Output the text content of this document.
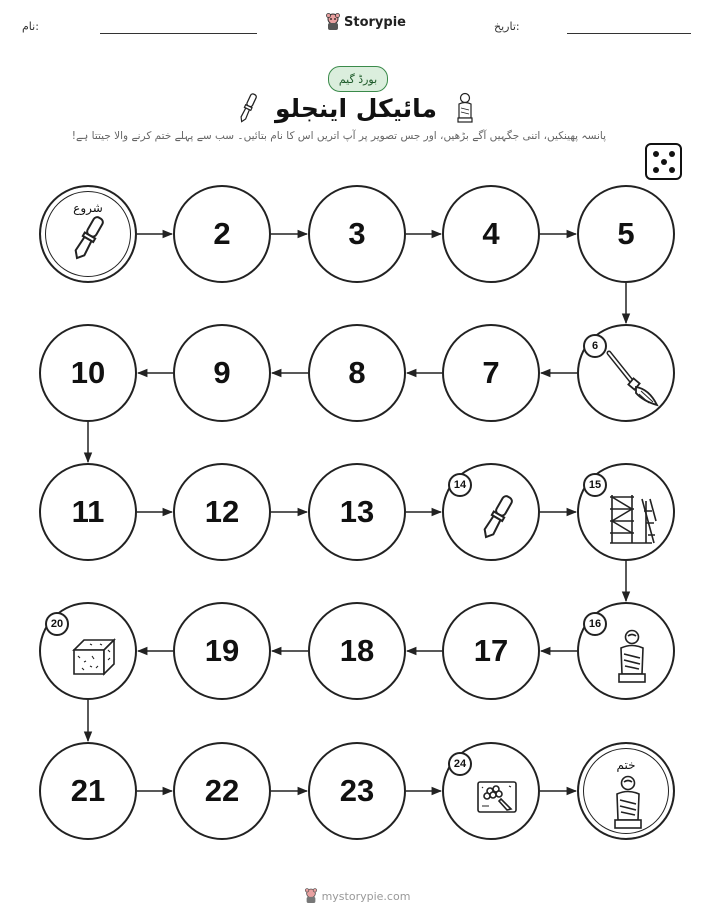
نام:	تاریخ:
Storypie
بورڈ گیم
مائیکل اینجلو
پانسہ پھینکیں، اتنی جگہیں آگے بڑھیں، اور جس تصویر پر آپ اتریں اس کا نام بتائیں۔ سب سے پہلے ختم کرنے والا جیتتا ہے!
شروع
2	3	4	5
6
7
8
9
10
11	12	13
14	15
16
17
18
19
20
21	22	23
24	ختم
mystorypie.com
